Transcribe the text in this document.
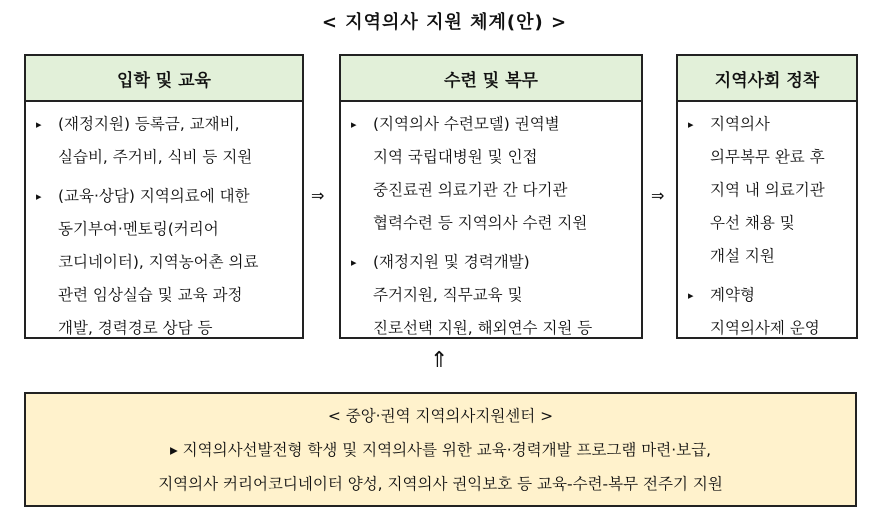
< 지역의사 지원 체계(안) >
입학 및 교육
▸ (재정지원) 등록금, 교재비,
실습비, 주거비, 식비 등 지원
▸ (교육·상담) 지역의료에 대한
동기부여·멘토링(커리어
코디네이터), 지역농어촌 의료
관련 임상실습 및 교육 과정
개발, 경력경로 상담 등
⇒
수련 및 복무
▸ (지역의사 수련모델) 권역별
지역 국립대병원 및 인접
중진료권 의료기관 간 다기관
협력수련 등 지역의사 수련 지원
▸ (재정지원 및 경력개발)
주거지원, 직무교육 및
진로선택 지원, 해외연수 지원 등
⇒
지역사회 정착
▸ 지역의사
의무복무 완료 후
지역 내 의료기관
우선 채용 및
개설 지원
▸ 계약형
지역의사제 운영
⇑
< 중앙·권역 지역의사지원센터 >
▸ 지역의사선발전형 학생 및 지역의사를 위한 교육·경력개발 프로그램 마련·보급,
지역의사 커리어코디네이터 양성, 지역의사 권익보호 등 교육-수련-복무 전주기 지원
